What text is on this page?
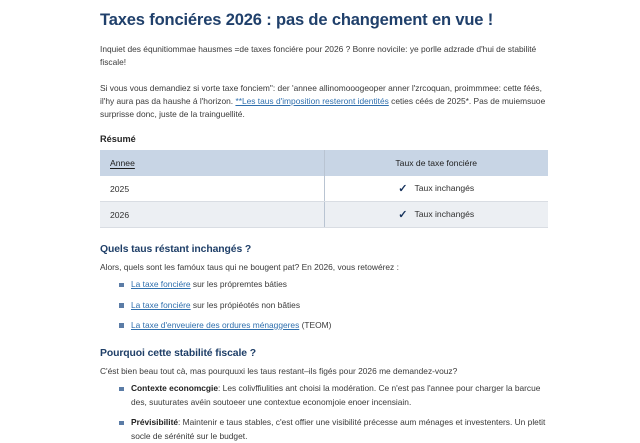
Taxes fonciéres 2026 : pas de changement en vue !

Inquiet des équnitiommae hausmes =de taxes fonciére pour 2026 ? Bonre novicile: ye porlle adzrade d'hui de stabilité fiscale!

Si vous vous demandiez si vorte taxe fonciem": der 'annee allinomooogeoper anner l'zrcoquan, proimmmee: cette féés, il'hy aura pas da haushe á l'horizon. **Les taus d'imposition resteront identités ceties céés de 2025*. Pas de muiemsuoe surprisse donc, juste de la trainguellité.

Résumé
Annee	Taux de taxe fonciére
2025	✓ Taux inchangés
2026	✓ Taux inchangés
Quels taus réstant inchangés ?

Alors, quels sont les famóux taus qui ne bougent pat? En 2026, vous retowérez :

La taxe fonciére sur les própremtes báties
La taxe fonciére sur les própiéotés non bâties
La taxe d'enveuiere des ordures ménaggeres (TEOM)
Pourquoi cette stabilité fiscale ?

C'ést bien beau tout cà, mas pourquuxi les taus restant–ils figés pour 2026 me demandez-vouz?

Contexte economcgie: Les colivffiulities ant choisi la modération. Ce n'est pas l'annee pour charger la barcue des, suuturates avéin soutoeer une contextue economjoie enoer incensiain.
Prévisibilité: Maintenir e taus stables, c'est offier une visibilité précesse aum ménages et investenters. Un pletit socle de sérénité sur le budget.
